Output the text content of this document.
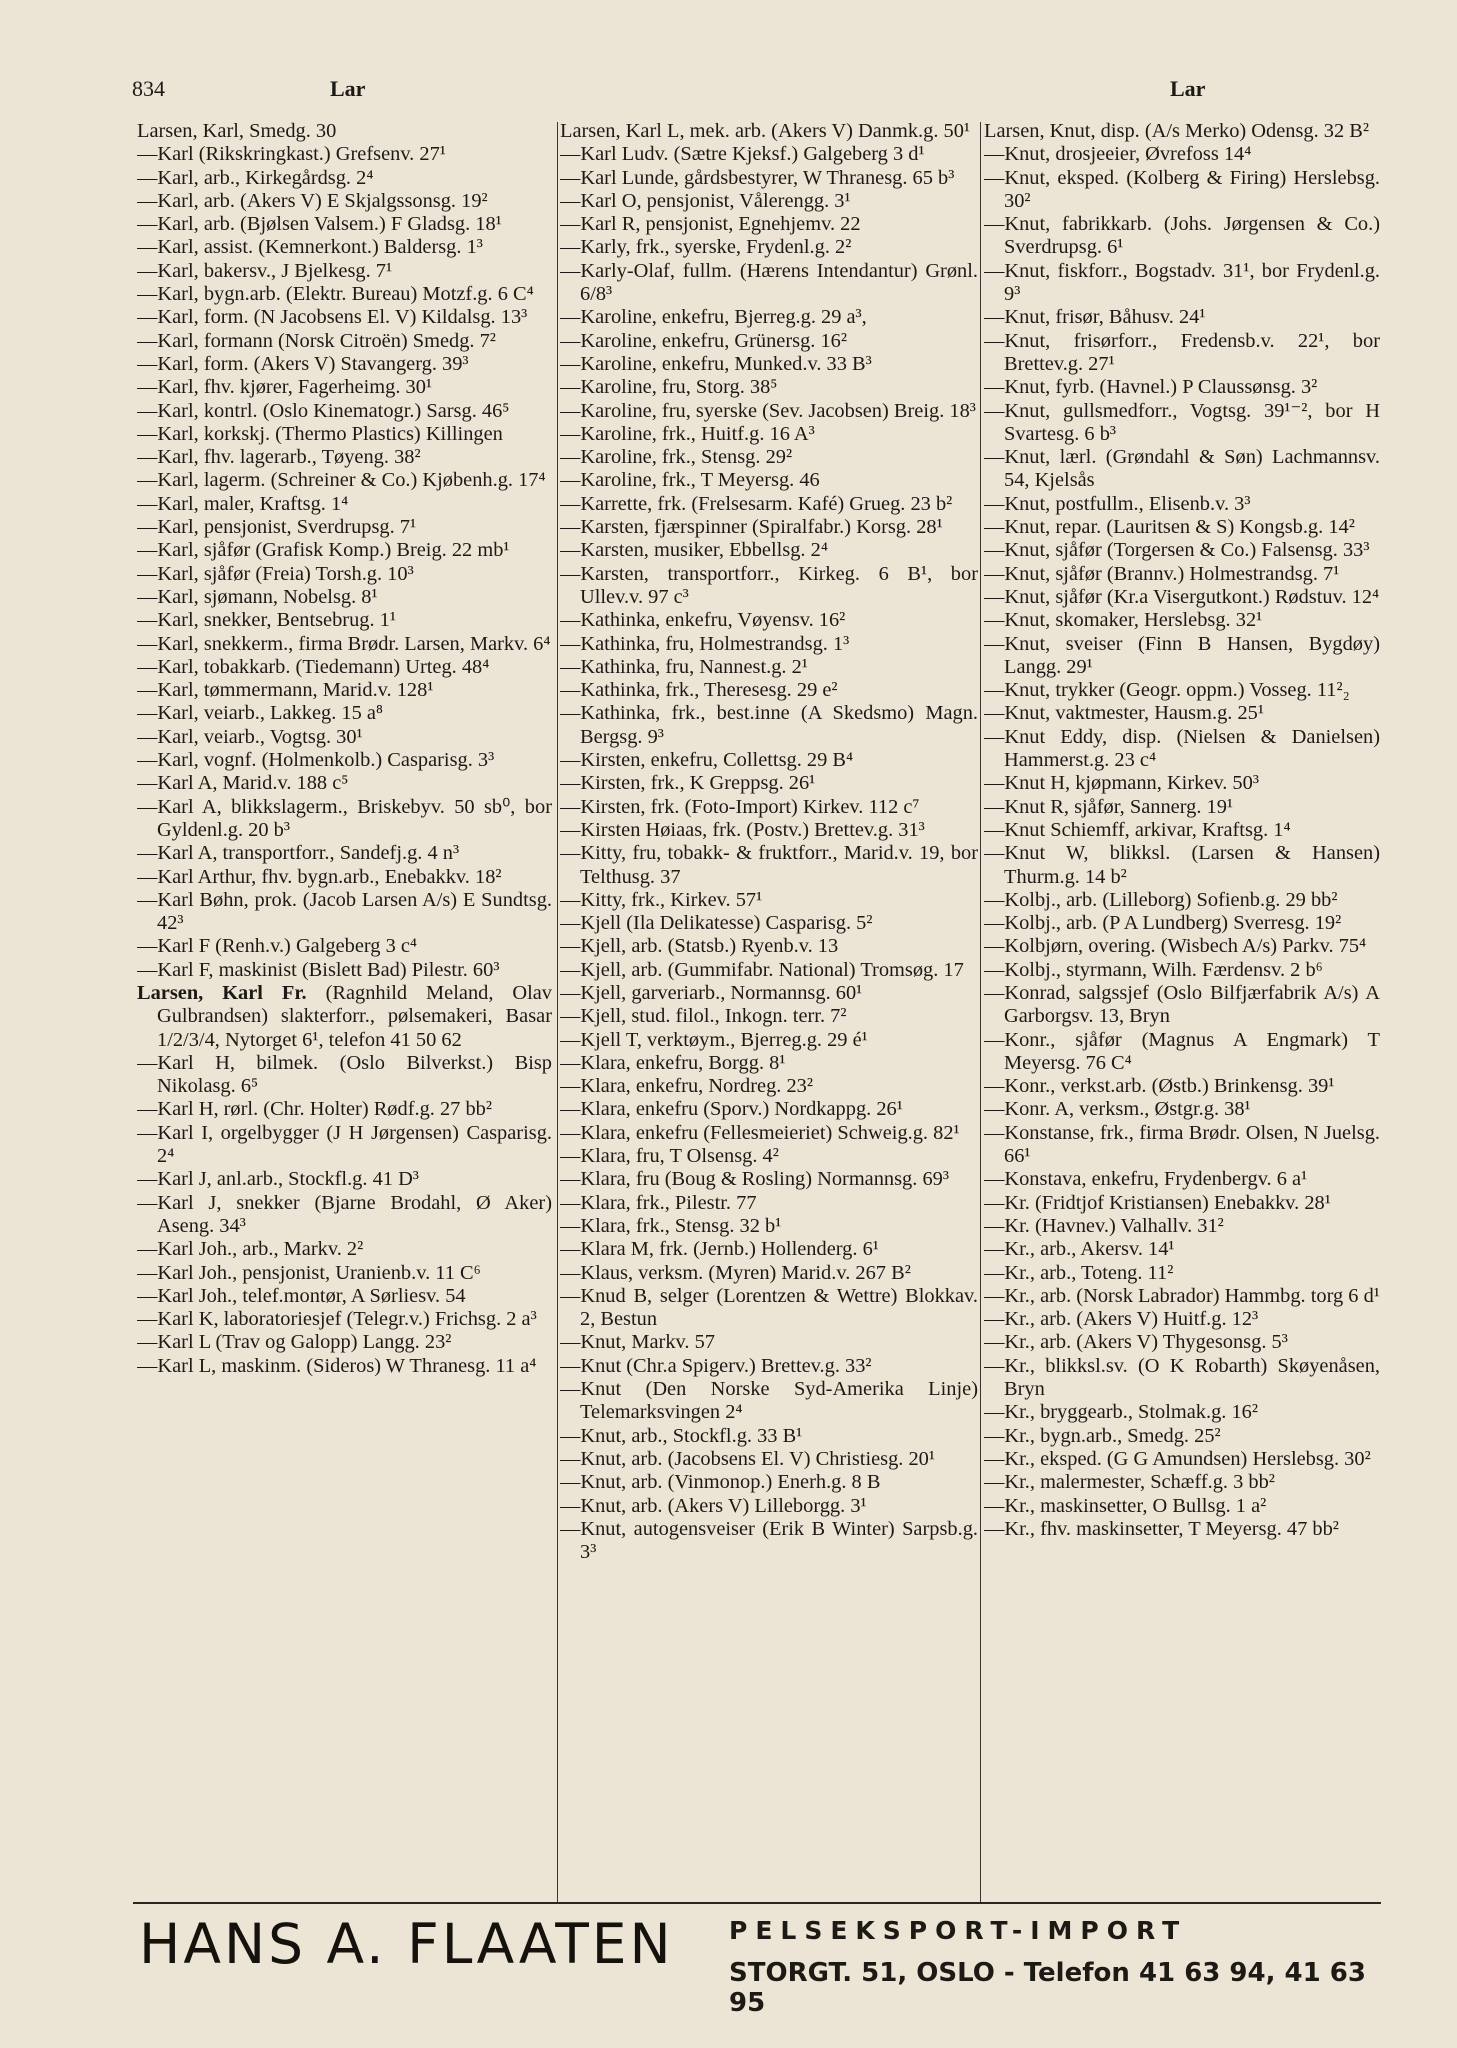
834	Lar	Lar

Larsen, Karl, Smedg. 30

—Karl (Rikskringkast.) Grefsenv. 27¹

—Karl, arb., Kirkegårdsg. 2⁴

—Karl, arb. (Akers V) E Skjalgssonsg. 19²

—Karl, arb. (Bjølsen Valsem.) F Gladsg. 18¹

—Karl, assist. (Kemnerkont.) Baldersg. 1³

—Karl, bakersv., J Bjelkesg. 7¹

—Karl, bygn.arb. (Elektr. Bureau) Motzf.g. 6 C⁴

—Karl, form. (N Jacobsens El. V) Kildalsg. 13³

—Karl, formann (Norsk Citroën) Smedg. 7²

—Karl, form. (Akers V) Stavangerg. 39³

—Karl, fhv. kjører, Fagerheimg. 30¹

—Karl, kontrl. (Oslo Kinematogr.) Sarsg. 46⁵

—Karl, korkskj. (Thermo Plastics) Killingen

—Karl, fhv. lagerarb., Tøyeng. 38²

—Karl, lagerm. (Schreiner & Co.) Kjøbenh.g. 17⁴

—Karl, maler, Kraftsg. 1⁴

—Karl, pensjonist, Sverdrupsg. 7¹

—Karl, sjåfør (Grafisk Komp.) Breig. 22 mb¹

—Karl, sjåfør (Freia) Torsh.g. 10³

—Karl, sjømann, Nobelsg. 8¹

—Karl, snekker, Bentsebrug. 1¹

—Karl, snekkerm., firma Brødr. Larsen, Markv. 6⁴

—Karl, tobakkarb. (Tiedemann) Urteg. 48⁴

—Karl, tømmermann, Marid.v. 128¹

—Karl, veiarb., Lakkeg. 15 a⁸

—Karl, veiarb., Vogtsg. 30¹

—Karl, vognf. (Holmenkolb.) Casparisg. 3³

—Karl A, Marid.v. 188 c⁵

—Karl A, blikkslagerm., Briskebyv. 50 sb⁰, bor Gyldenl.g. 20 b³

—Karl A, transportforr., Sandefj.g. 4 n³

—Karl Arthur, fhv. bygn.arb., Enebakkv. 18²

—Karl Bøhn, prok. (Jacob Larsen A/s) E Sundtsg. 42³

—Karl F (Renh.v.) Galgeberg 3 c⁴

—Karl F, maskinist (Bislett Bad) Pilestr. 60³

Larsen, Karl Fr. (Ragnhild Meland, Olav Gulbrandsen) slakterforr., pølsemakeri, Basar 1/2/3/4, Nytorget 6¹, telefon 41 50 62

—Karl H, bilmek. (Oslo Bilverkst.) Bisp Nikolasg. 6⁵

—Karl H, rørl. (Chr. Holter) Rødf.g. 27 bb²

—Karl I, orgelbygger (J H Jørgensen) Casparisg. 2⁴

—Karl J, anl.arb., Stockfl.g. 41 D³

—Karl J, snekker (Bjarne Brodahl, Ø Aker) Aseng. 34³

—Karl Joh., arb., Markv. 2²

—Karl Joh., pensjonist, Uranienb.v. 11 C⁶

—Karl Joh., telef.montør, A Sørliesv. 54

—Karl K, laboratoriesjef (Telegr.v.) Frichsg. 2 a³

—Karl L (Trav og Galopp) Langg. 23²

—Karl L, maskinm. (Sideros) W Thranesg. 11 a⁴

Larsen, Karl L, mek. arb. (Akers V) Danmk.g. 50¹

—Karl Ludv. (Sætre Kjeksf.) Galgeberg 3 d¹

—Karl Lunde, gårdsbestyrer, W Thranesg. 65 b³

—Karl O, pensjonist, Vålerengg. 3¹

—Karl R, pensjonist, Egnehjemv. 22

—Karly, frk., syerske, Frydenl.g. 2²

—Karly-Olaf, fullm. (Hærens Intendantur) Grønl. 6/8³

—Karoline, enkefru, Bjerreg.g. 29 a³,

—Karoline, enkefru, Grünersg. 16²

—Karoline, enkefru, Munked.v. 33 B³

—Karoline, fru, Storg. 38⁵

—Karoline, fru, syerske (Sev. Jacobsen) Breig. 18³

—Karoline, frk., Huitf.g. 16 A³

—Karoline, frk., Stensg. 29²

—Karoline, frk., T Meyersg. 46

—Karrette, frk. (Frelsesarm. Kafé) Grueg. 23 b²

—Karsten, fjærspinner (Spiralfabr.) Korsg. 28¹

—Karsten, musiker, Ebbellsg. 2⁴

—Karsten, transportforr., Kirkeg. 6 B¹, bor Ullev.v. 97 c³

—Kathinka, enkefru, Vøyensv. 16²

—Kathinka, fru, Holmestrandsg. 1³

—Kathinka, fru, Nannest.g. 2¹

—Kathinka, frk., Theresesg. 29 e²

—Kathinka, frk., best.inne (A Skedsmo) Magn. Bergsg. 9³

—Kirsten, enkefru, Collettsg. 29 B⁴

—Kirsten, frk., K Greppsg. 26¹

—Kirsten, frk. (Foto-Import) Kirkev. 112 c⁷

—Kirsten Høiaas, frk. (Postv.) Brettev.g. 31³

—Kitty, fru, tobakk- & fruktforr., Marid.v. 19, bor Telthusg. 37

—Kitty, frk., Kirkev. 57¹

—Kjell (Ila Delikatesse) Casparisg. 5²

—Kjell, arb. (Statsb.) Ryenb.v. 13

—Kjell, arb. (Gummifabr. National) Tromsøg. 17

—Kjell, garveriarb., Normannsg. 60¹

—Kjell, stud. filol., Inkogn. terr. 7²

—Kjell T, verktøym., Bjerreg.g. 29 é¹

—Klara, enkefru, Borgg. 8¹

—Klara, enkefru, Nordreg. 23²

—Klara, enkefru (Sporv.) Nordkappg. 26¹

—Klara, enkefru (Fellesmeieriet) Schweig.g. 82¹

—Klara, fru, T Olsensg. 4²

—Klara, fru (Boug & Rosling) Normannsg. 69³

—Klara, frk., Pilestr. 77

—Klara, frk., Stensg. 32 b¹

—Klara M, frk. (Jernb.) Hollenderg. 6¹

—Klaus, verksm. (Myren) Marid.v. 267 B²

—Knud B, selger (Lorentzen & Wettre) Blokkav. 2, Bestun

—Knut, Markv. 57

—Knut (Chr.a Spigerv.) Brettev.g. 33²

—Knut (Den Norske Syd-Amerika Linje) Telemarksvingen 2⁴

—Knut, arb., Stockfl.g. 33 B¹

—Knut, arb. (Jacobsens El. V) Christiesg. 20¹

—Knut, arb. (Vinmonop.) Enerh.g. 8 B

—Knut, arb. (Akers V) Lilleborgg. 3¹

—Knut, autogensveiser (Erik B Winter) Sarpsb.g. 3³

Larsen, Knut, disp. (A/s Merko) Odensg. 32 B²

—Knut, drosjeeier, Øvrefoss 14⁴

—Knut, eksped. (Kolberg & Firing) Herslebsg. 30²

—Knut, fabrikkarb. (Johs. Jørgensen & Co.) Sverdrupsg. 6¹

—Knut, fiskforr., Bogstadv. 31¹, bor Frydenl.g. 9³

—Knut, frisør, Båhusv. 24¹

—Knut, frisørforr., Fredensb.v. 22¹, bor Brettev.g. 27¹

—Knut, fyrb. (Havnel.) P Claussønsg. 3²

—Knut, gullsmedforr., Vogtsg. 39¹⁻², bor H Svartesg. 6 b³

—Knut, lærl. (Grøndahl & Søn) Lachmannsv. 54, Kjelsås

—Knut, postfullm., Elisenb.v. 3³

—Knut, repar. (Lauritsen & S) Kongsb.g. 14²

—Knut, sjåfør (Torgersen & Co.) Falsensg. 33³

—Knut, sjåfør (Brannv.) Holmestrandsg. 7¹

—Knut, sjåfør (Kr.a Visergutkont.) Rødstuv. 12⁴

—Knut, skomaker, Herslebsg. 32¹

—Knut, sveiser (Finn B Hansen, Bygdøy) Langg. 29¹

—Knut, trykker (Geogr. oppm.) Vosseg. 11²₂

—Knut, vaktmester, Hausm.g. 25¹

—Knut Eddy, disp. (Nielsen & Danielsen) Hammerst.g. 23 c⁴

—Knut H, kjøpmann, Kirkev. 50³

—Knut R, sjåfør, Sannerg. 19¹

—Knut Schiemff, arkivar, Kraftsg. 1⁴

—Knut W, blikksl. (Larsen & Hansen) Thurm.g. 14 b²

—Kolbj., arb. (Lilleborg) Sofienb.g. 29 bb²

—Kolbj., arb. (P A Lundberg) Sverresg. 19²

—Kolbjørn, overing. (Wisbech A/s) Parkv. 75⁴

—Kolbj., styrmann, Wilh. Færdensv. 2 b⁶

—Konrad, salgssjef (Oslo Bilfjærfabrik A/s) A Garborgsv. 13, Bryn

—Konr., sjåfør (Magnus A Engmark) T Meyersg. 76 C⁴

—Konr., verkst.arb. (Østb.) Brinkensg. 39¹

—Konr. A, verksm., Østgr.g. 38¹

—Konstanse, frk., firma Brødr. Olsen, N Juelsg. 66¹

—Konstava, enkefru, Frydenbergv. 6 a¹

—Kr. (Fridtjof Kristiansen) Enebakkv. 28¹

—Kr. (Havnev.) Valhallv. 31²

—Kr., arb., Akersv. 14¹

—Kr., arb., Toteng. 11²

—Kr., arb. (Norsk Labrador) Hammbg. torg 6 d¹

—Kr., arb. (Akers V) Huitf.g. 12³

—Kr., arb. (Akers V) Thygesonsg. 5³

—Kr., blikksl.sv. (O K Robarth) Skøyenåsen, Bryn

—Kr., bryggearb., Stolmak.g. 16²

—Kr., bygn.arb., Smedg. 25²

—Kr., eksped. (G G Amundsen) Herslebsg. 30²

—Kr., malermester, Schæff.g. 3 bb²

—Kr., maskinsetter, O Bullsg. 1 a²

—Kr., fhv. maskinsetter, T Meyersg. 47 bb²

HANS A. FLAATEN PELSEKSPORT-IMPORT
STORGT. 51, OSLO - Telefon 41 63 94, 41 63 95
